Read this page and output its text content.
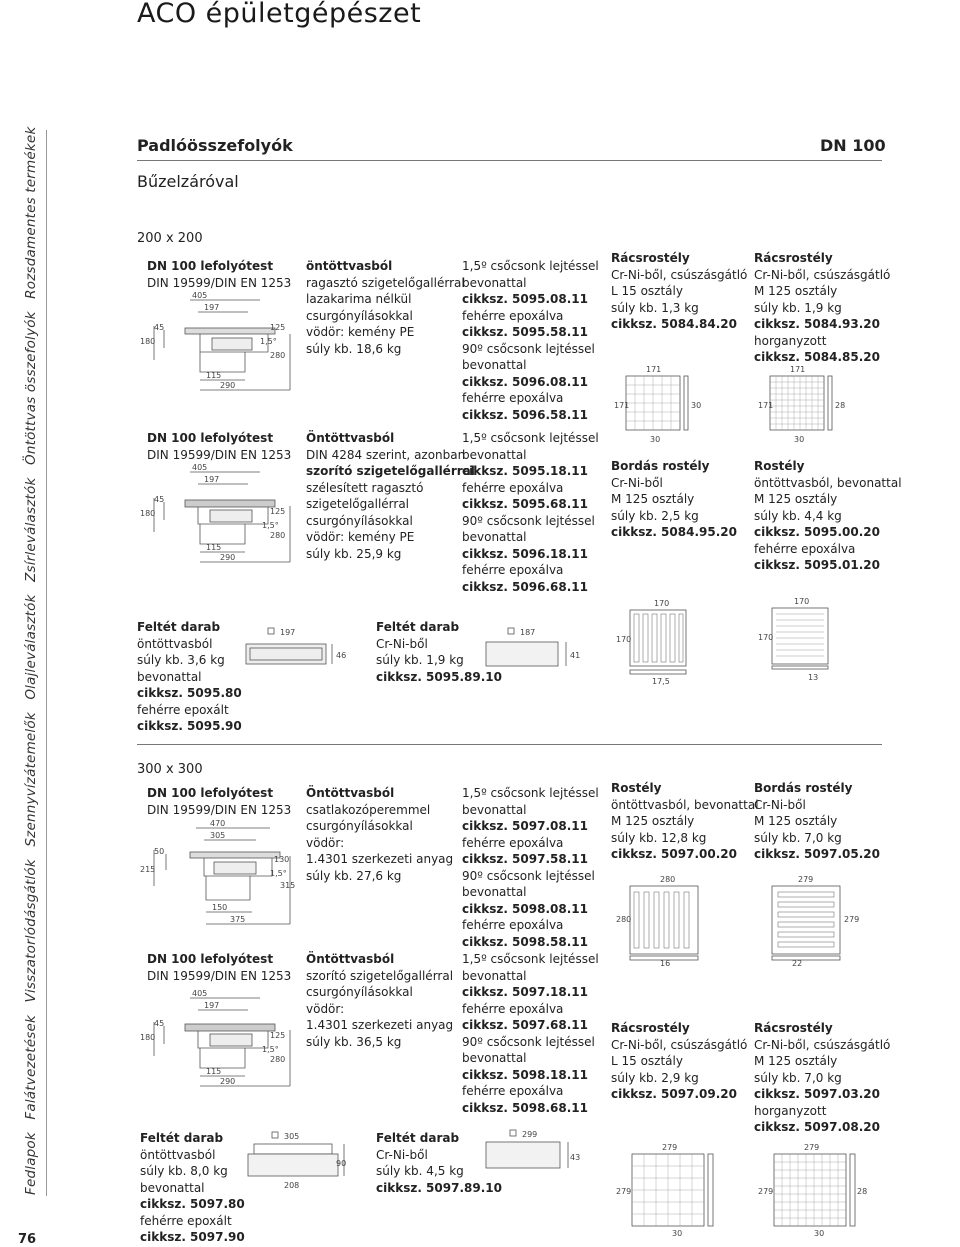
ACO épületgépészet
Fedlapok Falátvezetések Visszatorlódásgátlók Szennyvízátemelők Olajleválasztók Zsírleválasztók Öntöttvas összefolyók Rozsdamentes termékek
76
Padlóösszefolyók	DN 100
Bűzelzáróval
200 x 200
DN 100 lefolyótest
DIN 19599/DIN EN 1253
405
197
45
180
115
290
125
1,5°
280
öntöttvasból
ragasztó szigetelőgallérral
lazakarima nélkül
csurgónyílásokkal
vödör: kemény PE
súly kb. 18,6 kg
1,5º csőcsonk lejtéssel
bevonattal
cikksz. 5095.08.11
fehérre epoxálva
cikksz. 5095.58.11
90º csőcsonk lejtéssel
bevonattal
cikksz. 5096.08.11
fehérre epoxálva
cikksz. 5096.58.11
DN 100 lefolyótest
DIN 19599/DIN EN 1253
405
197
45
180
115
290
125
1,5°
280
Öntöttvasból
DIN 4284 szerint, azonban
szorító szigetelőgallérral
szélesített ragasztó
szigetelőgallérral
csurgónyílásokkal
vödör: kemény PE
súly kb. 25,9 kg
1,5º csőcsonk lejtéssel
bevonattal
cikksz. 5095.18.11
fehérre epoxálva
cikksz. 5095.68.11
90º csőcsonk lejtéssel
bevonattal
cikksz. 5096.18.11
fehérre epoxálva
cikksz. 5096.68.11
Feltét darab
öntöttvasból
súly kb. 3,6 kg
bevonattal
cikksz. 5095.80
fehérre epoxált
cikksz. 5095.90
197
46
Feltét darab
Cr-Ni-ből
súly kb. 1,9 kg
cikksz. 5095.89.10
187
41
Rácsrostély
Cr-Ni-ből, csúszásgátló
L 15 osztály
súly kb. 1,3 kg
cikksz. 5084.84.20
171
171
30
30
Rácsrostély
Cr-Ni-ből, csúszásgátló
M 125 osztály
súly kb. 1,9 kg
cikksz. 5084.93.20
horganyzott
cikksz. 5084.85.20
171
171	28
30
Bordás rostély
Cr-Ni-ből
M 125 osztály
súly kb. 2,5 kg
cikksz. 5084.95.20
170
170
17,5
Rostély
öntöttvasból, bevonattal
M 125 osztály
súly kb. 4,4 kg
cikksz. 5095.00.20
fehérre epoxálva
cikksz. 5095.01.20
170
170
13
300 x 300
DN 100 lefolyótest
DIN 19599/DIN EN 1253
470
305
50
215
150
375
130
1,5°
315
Öntöttvasból
csatlakozóperemmel
csurgónyílásokkal
vödör:
1.4301 szerkezeti anyag
súly kb. 27,6 kg
1,5º csőcsonk lejtéssel
bevonattal
cikksz. 5097.08.11
fehérre epoxálva
cikksz. 5097.58.11
90º csőcsonk lejtéssel
bevonattal
cikksz. 5098.08.11
fehérre epoxálva
cikksz. 5098.58.11
DN 100 lefolyótest
DIN 19599/DIN EN 1253
405
197
45
180
115
290
125
1,5°
280
Öntöttvasból
szorító szigetelőgallérral
csurgónyílásokkal
vödör:
1.4301 szerkezeti anyag
súly kb. 36,5 kg
1,5º csőcsonk lejtéssel
bevonattal
cikksz. 5097.18.11
fehérre epoxálva
cikksz. 5097.68.11
90º csőcsonk lejtéssel
bevonattal
cikksz. 5098.18.11
fehérre epoxálva
cikksz. 5098.68.11
Feltét darab
öntöttvasból
súly kb. 8,0 kg
bevonattal
cikksz. 5097.80
fehérre epoxált
cikksz. 5097.90
305
208
90
Feltét darab
Cr-Ni-ből
súly kb. 4,5 kg
cikksz. 5097.89.10
299
43
Rostély
öntöttvasból, bevonattal
M 125 osztály
súly kb. 12,8 kg
cikksz. 5097.00.20
280
280
16
Bordás rostély
Cr-Ni-ből
M 125 osztály
súly kb. 7,0 kg
cikksz. 5097.05.20
279
279
22
Rácsrostély
Cr-Ni-ből, csúszásgátló
L 15 osztály
súly kb. 2,9 kg
cikksz. 5097.09.20
279
279
30
Rácsrostély
Cr-Ni-ből, csúszásgátló
M 125 osztály
súly kb. 7,0 kg
cikksz. 5097.03.20
horganyzott
cikksz. 5097.08.20
279
279	28
30
